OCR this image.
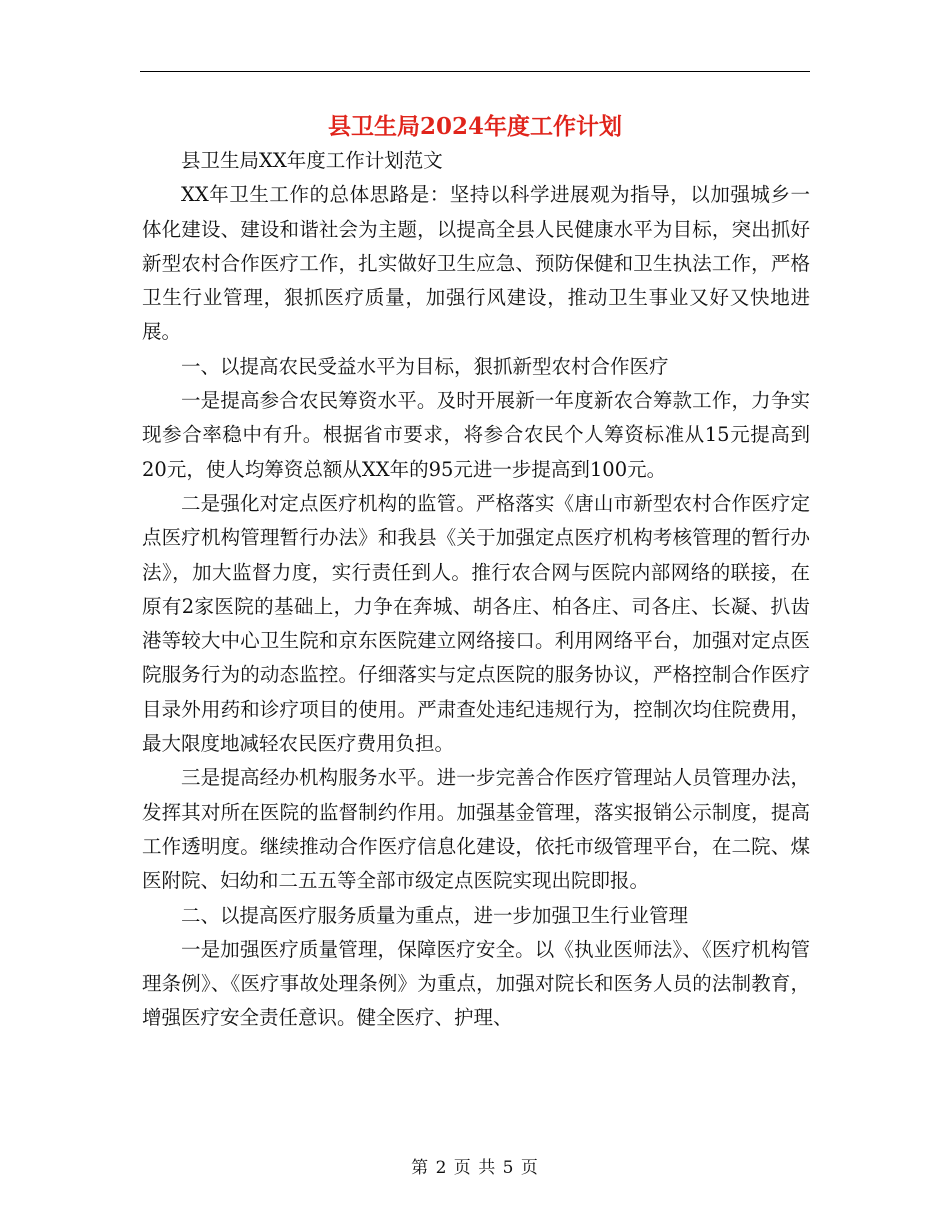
县卫生局2024年度工作计划

县卫生局XX年度工作计划范文

XX年卫生工作的总体思路是：坚持以科学进展观为指导，以加强城乡一体化建设、建设和谐社会为主题，以提高全县人民健康水平为目标，突出抓好新型农村合作医疗工作，扎实做好卫生应急、预防保健和卫生执法工作，严格卫生行业管理，狠抓医疗质量，加强行风建设，推动卫生事业又好又快地进展。

一、以提高农民受益水平为目标，狠抓新型农村合作医疗

一是提高参合农民筹资水平。及时开展新一年度新农合筹款工作，力争实现参合率稳中有升。根据省市要求，将参合农民个人筹资标准从15元提高到20元，使人均筹资总额从XX年的95元进一步提高到100元。

二是强化对定点医疗机构的监管。严格落实《唐山市新型农村合作医疗定点医疗机构管理暂行办法》和我县《关于加强定点医疗机构考核管理的暂行办法》，加大监督力度，实行责任到人。推行农合网与医院内部网络的联接，在原有2家医院的基础上，力争在奔城、胡各庄、柏各庄、司各庄、长凝、扒齿港等较大中心卫生院和京东医院建立网络接口。利用网络平台，加强对定点医院服务行为的动态监控。仔细落实与定点医院的服务协议，严格控制合作医疗目录外用药和诊疗项目的使用。严肃查处违纪违规行为，控制次均住院费用，最大限度地减轻农民医疗费用负担。

三是提高经办机构服务水平。进一步完善合作医疗管理站人员管理办法，发挥其对所在医院的监督制约作用。加强基金管理，落实报销公示制度，提高工作透明度。继续推动合作医疗信息化建设，依托市级管理平台，在二院、煤医附院、妇幼和二五五等全部市级定点医院实现出院即报。

二、以提高医疗服务质量为重点，进一步加强卫生行业管理

一是加强医疗质量管理，保障医疗安全。以《执业医师法》、《医疗机构管理条例》、《医疗事故处理条例》为重点，加强对院长和医务人员的法制教育，增强医疗安全责任意识。健全医疗、护理、

第 2 页 共 5 页
